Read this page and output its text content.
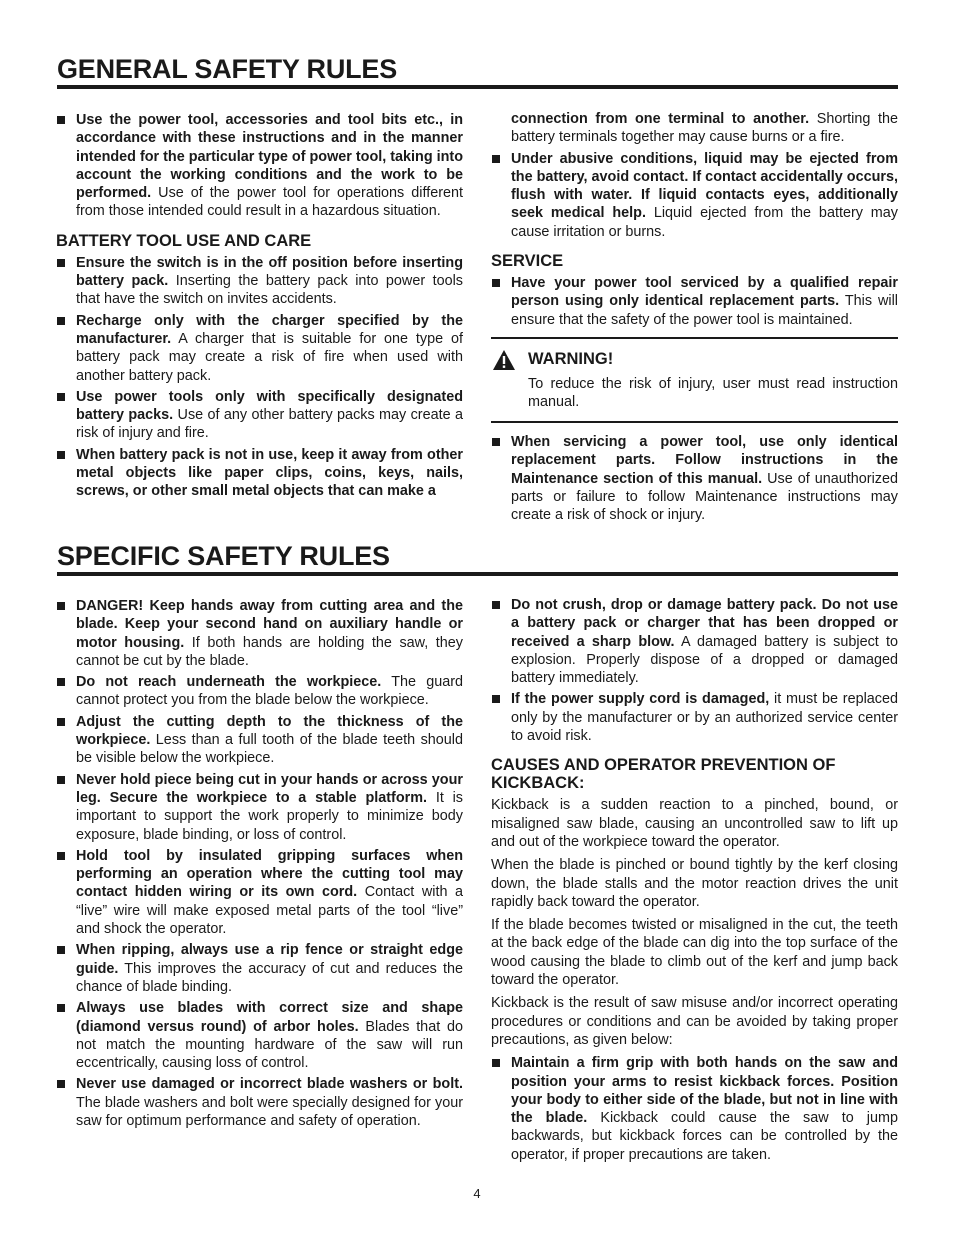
GENERAL SAFETY RULES
Use the power tool, accessories and tool bits etc., in accordance with these instructions and in the manner intended for the particular type of power tool, taking into account the working conditions and the work to be performed. Use of the power tool for operations different from those intended could result in a hazardous situation.
BATTERY TOOL USE AND CARE
Ensure the switch is in the off position before inserting battery pack. Inserting the battery pack into power tools that have the switch on invites accidents.
Recharge only with the charger specified by the manufacturer. A charger that is suitable for one type of battery pack may create a risk of fire when used with another battery pack.
Use power tools only with specifically designated battery packs. Use of any other battery packs may create a risk of injury and fire.
When battery pack is not in use, keep it away from other metal objects like paper clips, coins, keys, nails, screws, or other small metal objects that can make a
connection from one terminal to another. Shorting the battery terminals together may cause burns or a fire.
Under abusive conditions, liquid may be ejected from the battery, avoid contact. If contact accidentally occurs, flush with water. If liquid contacts eyes, additionally seek medical help. Liquid ejected from the battery may cause irritation or burns.
SERVICE
Have your power tool serviced by a qualified repair person using only identical replacement parts. This will ensure that the safety of the power tool is maintained.
WARNING!
To reduce the risk of injury, user must read instruction manual.
When servicing a power tool, use only identical replacement parts. Follow instructions in the Maintenance section of this manual. Use of unauthorized parts or failure to follow Maintenance instructions may create a risk of shock or injury.
SPECIFIC SAFETY RULES
DANGER! Keep hands away from cutting area and the blade. Keep your second hand on auxiliary handle or motor housing. If both hands are holding the saw, they cannot be cut by the blade.
Do not reach underneath the workpiece. The guard cannot protect you from the blade below the workpiece.
Adjust the cutting depth to the thickness of the workpiece. Less than a full tooth of the blade teeth should be visible below the workpiece.
Never hold piece being cut in your hands or across your leg. Secure the workpiece to a stable platform. It is important to support the work properly to minimize body exposure, blade binding, or loss of control.
Hold tool by insulated gripping surfaces when performing an operation where the cutting tool may contact hidden wiring or its own cord. Contact with a “live” wire will make exposed metal parts of the tool “live” and shock the operator.
When ripping, always use a rip fence or straight edge guide. This improves the accuracy of cut and reduces the chance of blade binding.
Always use blades with correct size and shape (diamond versus round) of arbor holes. Blades that do not match the mounting hardware of the saw will run eccentrically, causing loss of control.
Never use damaged or incorrect blade washers or bolt. The blade washers and bolt were specially designed for your saw for optimum performance and safety of operation.
Do not crush, drop or damage battery pack. Do not use a battery pack or charger that has been dropped or received a sharp blow. A damaged battery is subject to explosion. Properly dispose of a dropped or damaged battery immediately.
If the power supply cord is damaged, it must be replaced only by the manufacturer or by an authorized service center to avoid risk.
CAUSES AND OPERATOR PREVENTION OF KICKBACK:
Kickback is a sudden reaction to a pinched, bound, or misaligned saw blade, causing an uncontrolled saw to lift up and out of the workpiece toward the operator.
When the blade is pinched or bound tightly by the kerf closing down, the blade stalls and the motor reaction drives the unit rapidly back toward the operator.
If the blade becomes twisted or misaligned in the cut, the teeth at the back edge of the blade can dig into the top surface of the wood causing the blade to climb out of the kerf and jump back toward the operator.
Kickback is the result of saw misuse and/or incorrect operating procedures or conditions and can be avoided by taking proper precautions, as given below:
Maintain a firm grip with both hands on the saw and position your arms to resist kickback forces. Position your body to either side of the blade, but not in line with the blade. Kickback could cause the saw to jump backwards, but kickback forces can be controlled by the operator, if proper precautions are taken.
4
